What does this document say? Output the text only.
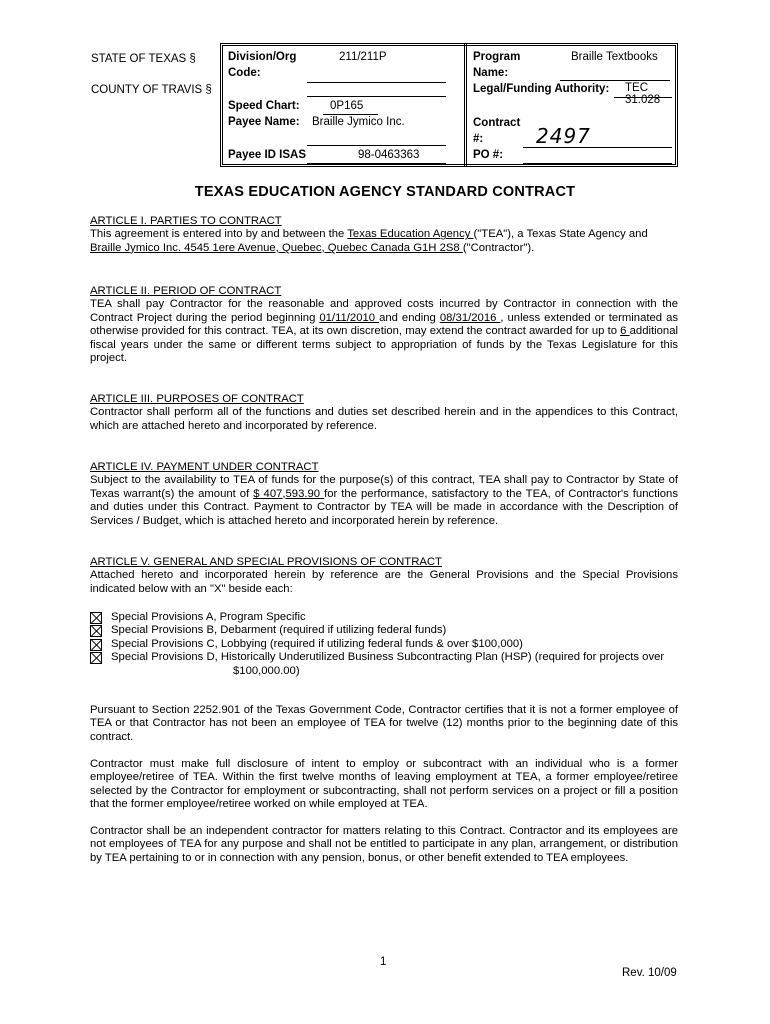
STATE OF TEXAS §
COUNTY OF TRAVIS §
Division/Org
Code:
211/211P
Speed Chart:	0P165
Payee Name: Braille Jymico Inc.
Payee ID ISAS	98-0463363
Program
Name:
Braille Textbooks
Legal/Funding Authority: TEC 31.028
Contract
#:
PO #:
2497
TEXAS EDUCATION AGENCY STANDARD CONTRACT
ARTICLE I. PARTIES TO CONTRACT

This agreement is entered into by and between the Texas Education Agency ("TEA"), a Texas State Agency and
Braille Jymico Inc. 4545 1ere Avenue, Quebec, Quebec Canada G1H 2S8 ("Contractor").

ARTICLE II. PERIOD OF CONTRACT

TEA shall pay Contractor for the reasonable and approved costs incurred by Contractor in connection with the Contract Project during the period beginning 01/11/2010 and ending 08/31/2016 , unless extended or terminated as otherwise provided for this contract. TEA, at its own discretion, may extend the contract awarded for up to 6 additional fiscal years under the same or different terms subject to appropriation of funds by the Texas Legislature for this project.

ARTICLE III. PURPOSES OF CONTRACT

Contractor shall perform all of the functions and duties set described herein and in the appendices to this Contract, which are attached hereto and incorporated by reference.

ARTICLE IV. PAYMENT UNDER CONTRACT

Subject to the availability to TEA of funds for the purpose(s) of this contract, TEA shall pay to Contractor by State of Texas warrant(s) the amount of $ 407,593.90 for the performance, satisfactory to the TEA, of Contractor's functions and duties under this Contract. Payment to Contractor by TEA will be made in accordance with the Description of Services / Budget, which is attached hereto and incorporated herein by reference.

ARTICLE V. GENERAL AND SPECIAL PROVISIONS OF CONTRACT

Attached hereto and incorporated herein by reference are the General Provisions and the Special Provisions indicated below with an "X" beside each:

Special Provisions A, Program Specific
Special Provisions B, Debarment (required if utilizing federal funds)
Special Provisions C, Lobbying (required if utilizing federal funds & over $100,000)
Special Provisions D, Historically Underutilized Business Subcontracting Plan (HSP) (required for projects over
$100,000.00)

Pursuant to Section 2252.901 of the Texas Government Code, Contractor certifies that it is not a former employee of TEA or that Contractor has not been an employee of TEA for twelve (12) months prior to the beginning date of this contract.

Contractor must make full disclosure of intent to employ or subcontract with an individual who is a former employee/retiree of TEA. Within the first twelve months of leaving employment at TEA, a former employee/retiree selected by the Contractor for employment or subcontracting, shall not perform services on a project or fill a position that the former employee/retiree worked on while employed at TEA.

Contractor shall be an independent contractor for matters relating to this Contract. Contractor and its employees are not employees of TEA for any purpose and shall not be entitled to participate in any plan, arrangement, or distribution by TEA pertaining to or in connection with any pension, bonus, or other benefit extended to TEA employees.

1
Rev. 10/09
